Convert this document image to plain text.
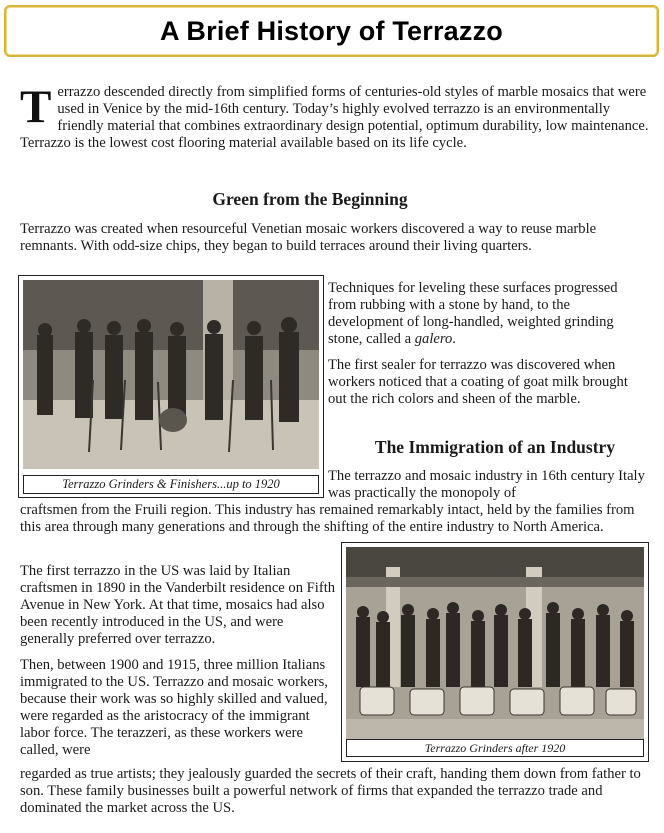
A Brief History of Terrazzo
Terrazzo descended directly from simplified forms of centuries-old styles of marble mosaics that were used in Venice by the mid-16th century. Today’s highly evolved terrazzo is an environmentally friendly material that combines extraordinary design potential, optimum durability, low maintenance. Terrazzo is the lowest cost flooring material available based on its life cycle.
Green from the Beginning
Terrazzo was created when resourceful Venetian mosaic workers discovered a way to reuse marble remnants. With odd-size chips, they began to build terraces around their living quarters.
Terrazzo Grinders & Finishers...up to 1920

Techniques for leveling these surfaces progressed from rubbing with a stone by hand, to the development of long-handled, weighted grinding stone, called a galero.

The first sealer for terrazzo was discovered when workers noticed that a coating of goat milk brought out the rich colors and sheen of the marble.

The Immigration of an Industry
The terrazzo and mosaic industry in 16th century Italy was practically the monopoly of
craftsmen from the Fruili region. This industry has remained remarkably intact, held by the families from this area through many generations and through the shifting of the entire industry to North America.

The first terrazzo in the US was laid by Italian craftsmen in 1890 in the Vanderbilt residence on Fifth Avenue in New York. At that time, mosaics had also been recently introduced in the US, and were generally preferred over terrazzo.

Then, between 1900 and 1915, three million Italians immigrated to the US. Terrazzo and mosaic workers, because their work was so highly skilled and valued, were regarded as the aristocracy of the immigrant labor force. The terazzeri, as these workers were called, were	Terrazzo Grinders after 1920
regarded as true artists; they jealously guarded the secrets of their craft, handing them down from father to son. These family businesses built a powerful network of firms that expanded the terrazzo trade and dominated the market across the US.
